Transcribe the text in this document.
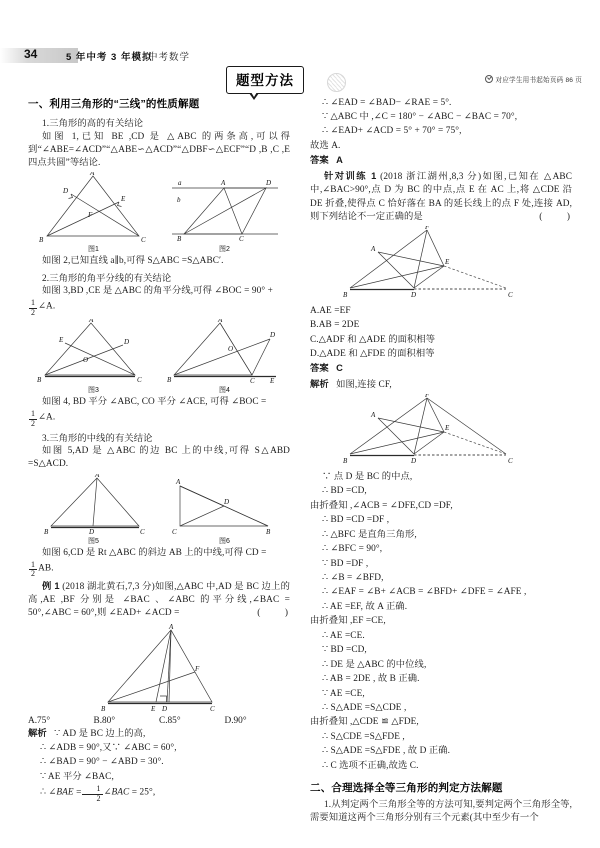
34	5 年中考 3 年模拟
中考数学
题型方法	对应学生用书起始页码 86 页
一、利用三角形的“三线”的性质解题
1.三角形的高的有关结论
如图 1,已知 BE ,CD 是 △ABC 的两条高,可以得到“∠ABE=∠ACD”“△ABE∽△ACD”“△DBF∽△ECF”“D ,B ,C ,E 四点共圆”等结论.
A
D
E
F
B	C
图1
a	A	D
b
B	C
图2
如图 2,已知直线 a∥b,可得 S△ABC =S△ABC′.
2.三角形的角平分线的有关结论
如图 3,BD ,CE 是 △ABC 的角平分线,可得 ∠BOC = 90° +
$\frac{1}{2}$ ∠A.
A
E	D
O
B	C
图3
A
D
O
B	C E
图4
如图 4, BD 平分 ∠ABC, CO 平分 ∠ACE, 可得 ∠BOC =
$\frac{1}{2}$ ∠A.
3.三角形的中线的有关结论
如图 5,AD 是 △ABC 的边 BC 上的中线,可得 S△ABD =S△ACD.
A
B	D	C
图5
A
D
C	B
图6
如图 6,CD 是 Rt △ABC 的斜边 AB 上的中线,可得 CD =
$\frac{1}{2}$ AB.
例 1 (2018 湖北黄石,7,3 分)如图,△ABC 中,AD 是 BC 边上的高,AE ,BF 分别是 ∠BAC 、∠ABC 的平分线,∠BAC = 50°,∠ABC = 60°,则 ∠EAD+ ∠ACD =	(　　)
A
F
B	E D	C
A.75°	B.80°	C.85°	D.90°
解析 ∵ AD 是 BC 边上的高,
∴ ∠ADB = 90°,又∵ ∠ABC = 60°,
∴ ∠BAD = 90° − ∠ABD = 30°.
∵ AE 平分 ∠BAC,
∴ ∠BAE = $\frac{1}{2}$ ∠BAC = 25°,
∴ ∠EAD = ∠BAD− ∠RAE = 5°.
∵ △ABC 中 ,∠C = 180° − ∠ABC − ∠BAC = 70°,
∴ ∠EAD+ ∠ACD = 5° + 70° = 75°,
故选 A.
答案 A
针对训练 1 (2018 浙江湖州,8,3 分)如图,已知在 △ABC 中,∠BAC>90°,点 D 为 BC 的中点,点 E 在 AC 上,将 △CDE 沿 DE 折叠,使得点 C 恰好落在 BA 的延长线上的点 F 处,连接 AD,则下列结论不一定正确的是	(　　)
F
A
E
B	D	C
A.AE =EF
B.AB = 2DE
C.△ADF 和 △ADE 的面积相等
D.△ADE 和 △FDE 的面积相等
答案 C
解析 如图,连接 CF,
F
A
E
B	D	C
∵ 点 D 是 BC 的中点,
∴ BD =CD,
由折叠知 ,∠ACB = ∠DFE,CD =DF,
∴ BD =CD =DF ,
∴ △BFC 是直角三角形,
∴ ∠BFC = 90°,
∵ BD =DF ,
∴ ∠B = ∠BFD,
∴ ∠EAF = ∠B+ ∠ACB = ∠BFD+ ∠DFE = ∠AFE ,
∴ AE =EF, 故 A 正确.
由折叠知 ,EF =CE,
∴ AE =CE.
∵ BD =CD,
∴ DE 是 △ABC 的中位线,
∴ AB = 2DE , 故 B 正确.
∵ AE =CE,
∴ S△ADE =S△CDE ,
由折叠知 ,△CDE ≌ △FDE,
∴ S△CDE =S△FDE ,
∴ S△ADE =S△FDE , 故 D 正确.
∴ C 选项不正确,故选 C.
二、合理选择全等三角形的判定方法解题
1.从判定两个三角形全等的方法可知,要判定两个三角形全等,需要知道这两个三角形分别有三个元素(其中至少有一个
